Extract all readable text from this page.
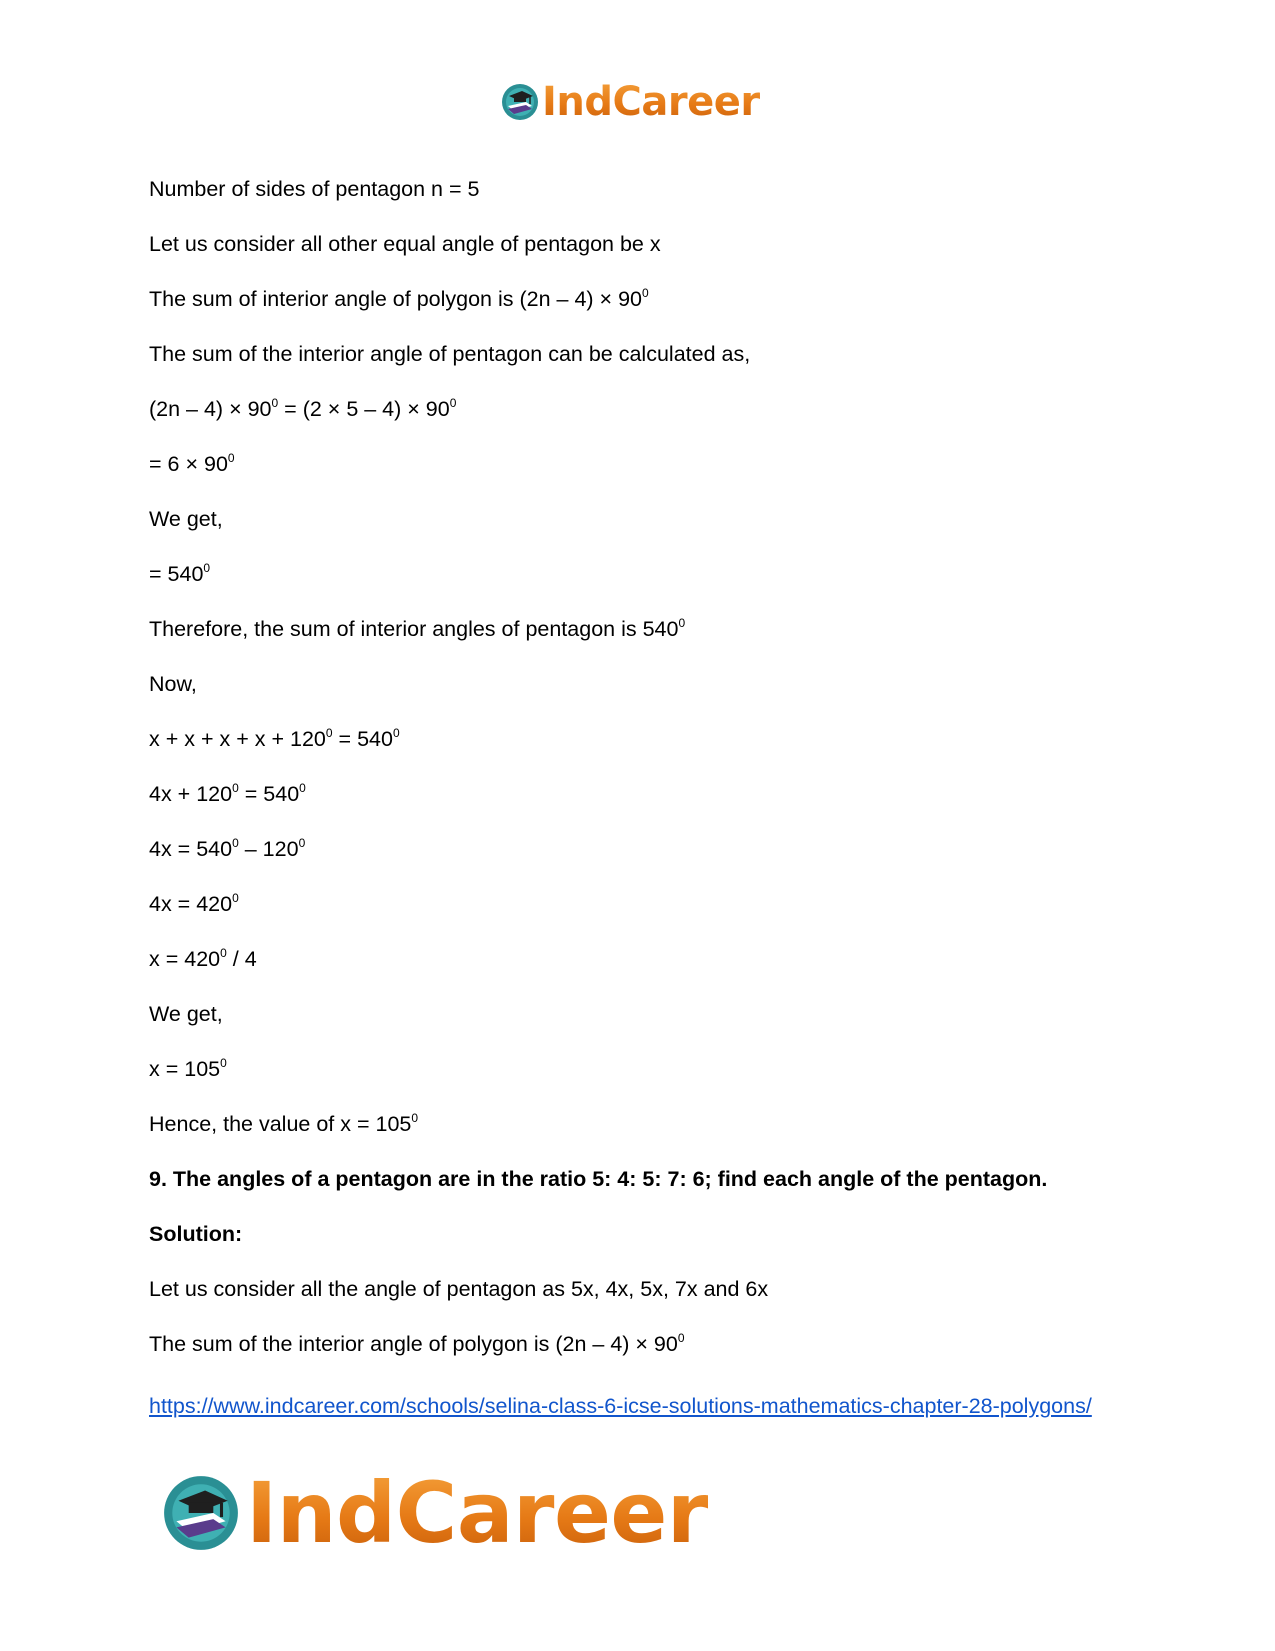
IndCareer
Number of sides of pentagon n = 5
Let us consider all other equal angle of pentagon be x
The sum of interior angle of polygon is $(2n - 4) \times 90^0$
The sum of the interior angle of pentagon can be calculated as,
$(2n - 4) \times 90^0 = (2 \times 5 - 4) \times 90^0$
= $6 \times 90^0$
We get,
= $540^0$
Therefore, the sum of interior angles of pentagon is $540^0$
Now,
$x + x + x + x + 120^0 = 540^0$
$4x + 120^0 = 540^0$
$4x = 540^0 - 120^0$
$4x = 420^0$
$x = 420^0 / 4$
We get,
$x = 105^0$
Hence, the value of $x = 105^0$
9. The angles of a pentagon are in the ratio 5: 4: 5: 7: 6; find each angle of the pentagon.
Solution:
Let us consider all the angle of pentagon as 5x, 4x, 5x, 7x and 6x
The sum of the interior angle of polygon is $(2n - 4) \times 90^0$
https://www.indcareer.com/schools/selina-class-6-icse-solutions-mathematics-chapter-28-polygons/
IndCareer
